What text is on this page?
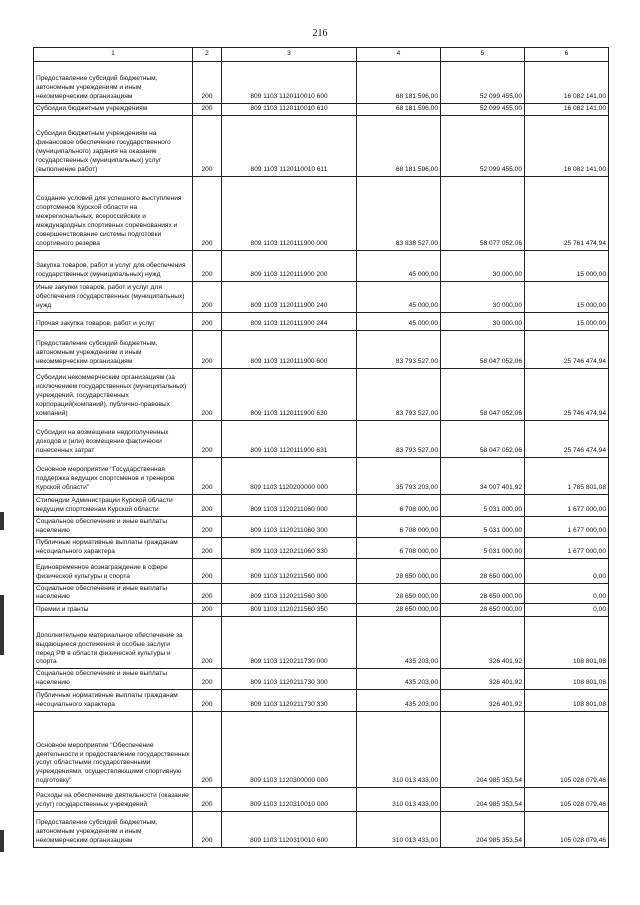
216
1	2	3	4	5	6
Предоставление субсидий бюджетным, автономным учреждениям и иным некоммерческим организациям	200	809 1103 1120110010 600	68 181 596,00	52 099 455,00	16 082 141,00
Субсидии бюджетным учреждениям	200	809 1103 1120110010 610	68 181 596,00	52 099 455,00	16 082 141,00
Субсидии бюджетным учреждениям на финансовое обеспечение государственного (муниципального) задания на оказание государственных (муниципальных) услуг (выполнение работ)	200	809 1103 1120110010 611	68 181 596,00	52 099 455,00	16 082 141,00
Создание условий для успешного выступления спортсменов Курской области на межрегиональных, всероссийских и международных спортивных соревнованиях и совершенствование системы подготовки спортивного резерва	200	809 1103 1120111900 000	83 838 527,00	58 077 052,06	25 761 474,94
Закупка товаров, работ и услуг для обеспечения государственных (муниципальных) нужд	200	809 1103 1120111900 200	45 000,00	30 000,00	15 000,00
Иные закупки товаров, работ и услуг для обеспечения государственных (муниципальных) нужд	200	809 1103 1120111900 240	45 000,00	30 000,00	15 000,00
Прочая закупка товаров, работ и услуг	200	809 1103 1120111900 244	45 000,00	30 000,00	15 000,00
Предоставление субсидий бюджетным, автономным учреждениям и иным некоммерческим организациям	200	809 1103 1120111900 600	83 793 527,00	58 047 052,06	25 746 474,94
Субсидии некоммерческим организациям (за исключением государственных (муниципальных) учреждений, государственных корпораций(компаний), публично-правовых компаний)	200	809 1103 1120111900 630	83 793 527,00	58 047 052,06	25 746 474,94
Субсидии на возмещение недополученных доходов и (или) возмещение фактически понесенных затрат	200	809 1103 1120111900 631	83 793 527,00	58 047 052,06	25 746 474,94
Основное мероприятие "Государственная поддержка ведущих спортсменов и тренеров Курской области"	200	809 1103 1120200000 000	35 793 203,00	34 007 401,92	1 785 801,08
Стипендии Администрации Курской области ведущим спортсменам Курской области	200	809 1103 1120211060 000	6 708 000,00	5 031 000,00	1 677 000,00
Социальное обеспечение и иные выплаты населению	200	809 1103 1120211060 300	6 708 000,00	5 031 000,00	1 677 000,00
Публичные нормативные выплаты гражданам несоциального характера	200	809 1103 1120211060 330	6 708 000,00	5 031 000,00	1 677 000,00
Единовременное вознаграждение в сфере физической культуры и спорта	200	809 1103 1120211560 000	28 650 000,00	28 650 000,00	0,00
Социальное обеспечение и иные выплаты населению	200	809 1103 1120211560 300	28 650 000,00	28 650 000,00	0,00
Премии и гранты	200	809 1103 1120211560 350	28 650 000,00	28 650 000,00	0,00
Дополнительное материальное обеспечение за выдающиеся достижения и особые заслуги перед РФ в области физической культуры и спорта	200	809 1103 1120211730 000	435 203,00	326 401,92	108 801,08
Социальное обеспечение и иные выплаты населению	200	809 1103 1120211730 300	435 203,00	326 401,92	108 801,08
Публичные нормативные выплаты гражданам несоциального характера	200	809 1103 1120211730 330	435 203,00	326 401,92	108 801,08
Основное мероприятие "Обеспечение деятельности и предоставление государственных услуг областными государственными учреждениями, осуществляющими спортивную подготовку"	200	809 1103 1120300000 000	310 013 433,00	204 985 353,54	105 028 079,46
Расходы на обеспечение деятельности (оказание услуг) государственных учреждений	200	809 1103 1120310010 000	310 013 433,00	204 985 353,54	105 028 079,46
Предоставление субсидий бюджетным, автономным учреждениям и иным некоммерческим организациям	200	809 1103 1120310010 600	310 013 433,00	204 985 353,54	105 028 079,46
